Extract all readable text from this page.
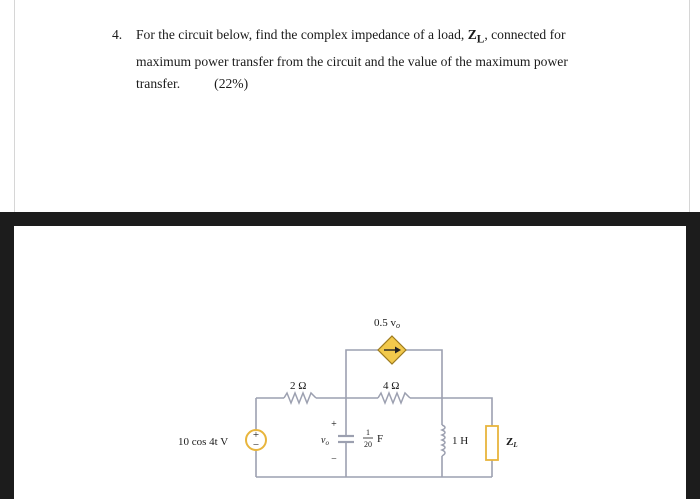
4. For the circuit below, find the complex impedance of a load, $Z_L$, connected for
maximum power transfer from the circuit and the value of the maximum power
transfer.	(22%)
+
−
10 cos 4t V
2 Ω	4 Ω
0.5 vo
$v_o$
+
−
1
20 F	1 H	ZL
